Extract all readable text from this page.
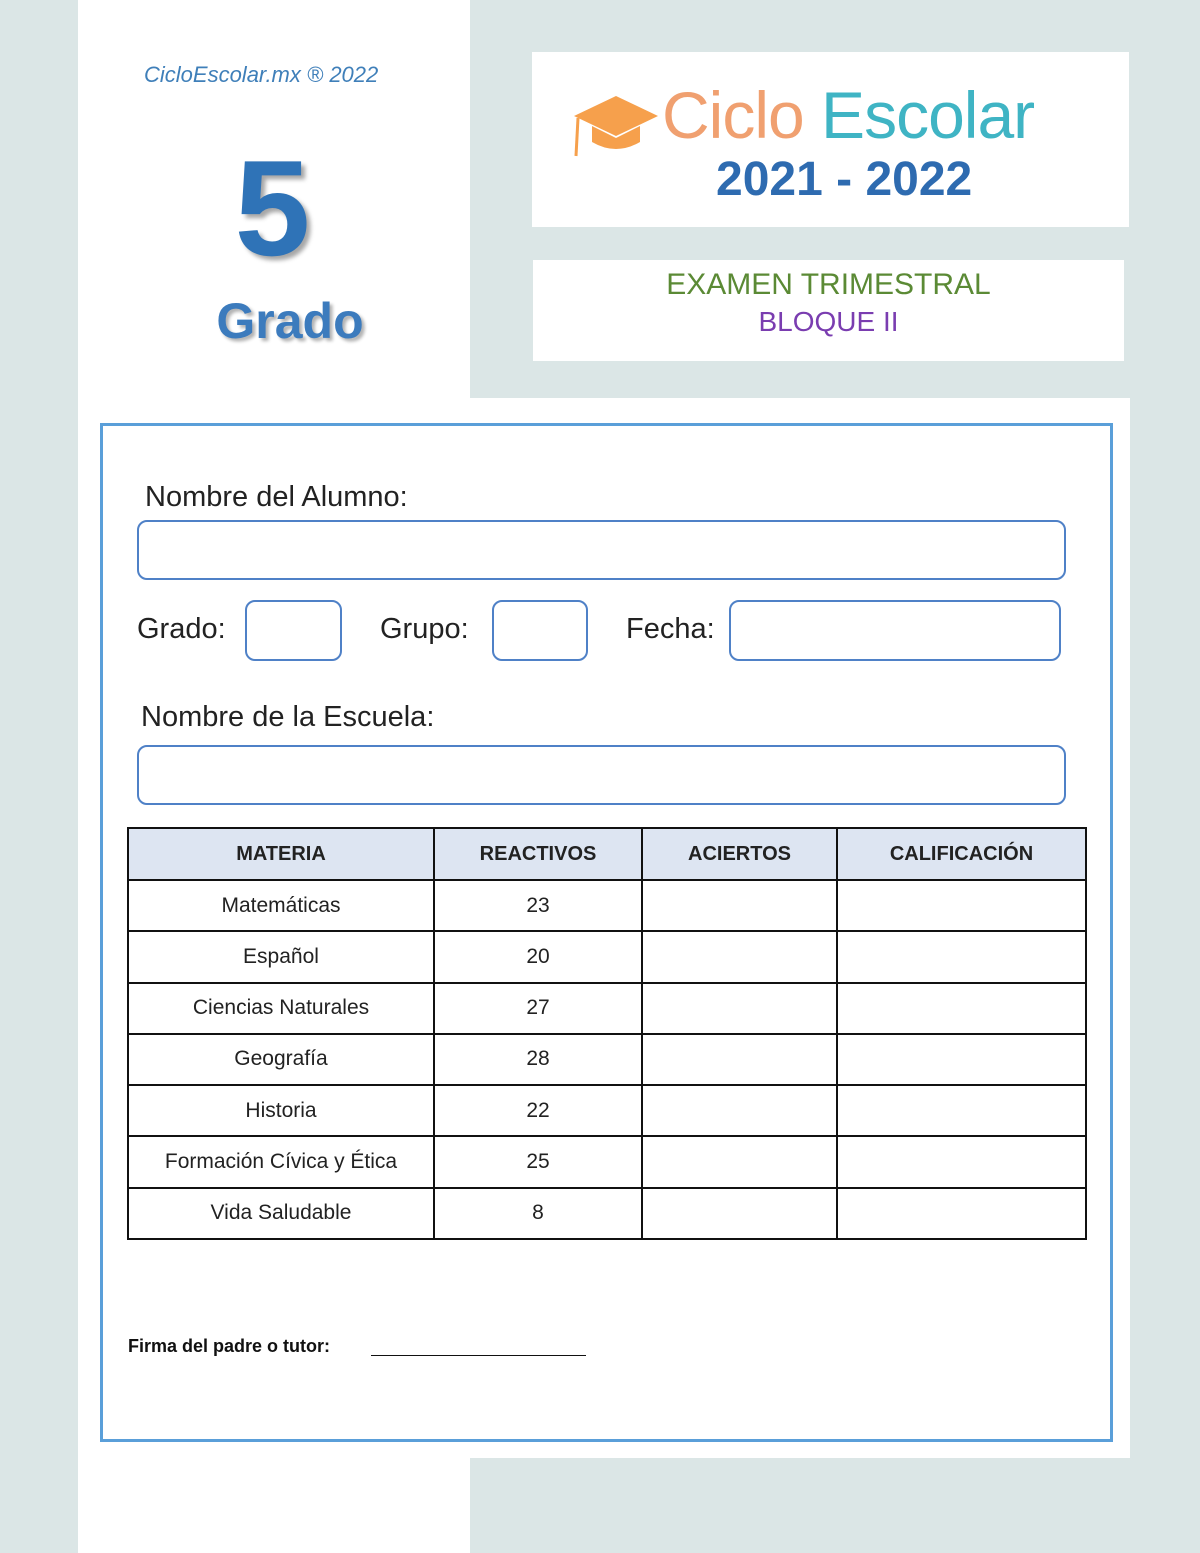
CicloEscolar.mx ® 2022
5
Grado
Ciclo Escolar
2021 - 2022
EXAMEN TRIMESTRAL
BLOQUE II
Nombre del Alumno:
Grado:	Grupo:	Fecha:
Nombre de la Escuela:
MATERIA	REACTIVOS	ACIERTOS	CALIFICACIÓN
Matemáticas	23		
Español	20		
Ciencias Naturales	27		
Geografía	28		
Historia	22		
Formación Cívica y Ética	25		
Vida Saludable	8		
Firma del padre o tutor:
